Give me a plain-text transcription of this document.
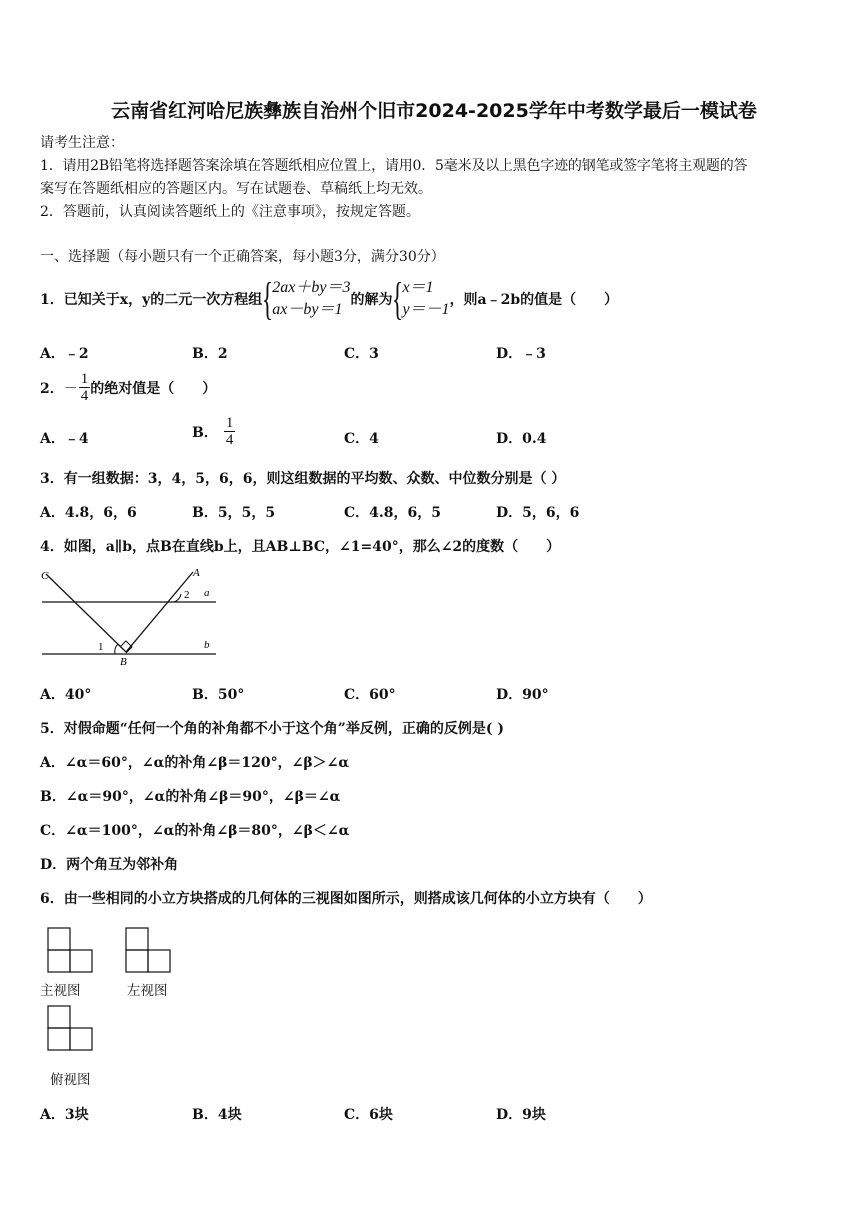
云南省红河哈尼族彝族自治州个旧市2024-2025学年中考数学最后一模试卷
请考生注意：
1．请用2B铅笔将选择题答案涂填在答题纸相应位置上，请用0．5毫米及以上黑色字迹的钢笔或签字笔将主观题的答
案写在答题纸相应的答题区内。写在试题卷、草稿纸上均无效。
2．答题前，认真阅读答题纸上的《注意事项》，按规定答题。
一、选择题（每小题只有一个正确答案，每小题3分，满分30分）
1．已知关于x，y的二元一次方程组 {
2ax＋by＝3
ax－by＝1
的解为 {
x＝1
y＝－1
，则a﹣2b的值是（　　）
A．﹣2	B．2	C．3	D．﹣3
2． － $\frac{1}{4}$ 的绝对值是（　　）
A．﹣4	B． $\frac{1}{4}$	C．4	D．0.4
3．有一组数据：3，4，5，6，6，则这组数据的平均数、众数、中位数分别是（ ）
A．4.8，6，6	B．5，5，5	C．4.8，6，5	D．5，6，6
4．如图，a∥b，点B在直线b上，且AB⊥BC，∠1=40°，那么∠2的度数（　　）
C	A
a
b
B
1
2
A．40°	B．50°	C．60°	D．90°
5．对假命题“任何一个角的补角都不小于这个角”举反例，正确的反例是( )
A．∠α＝60°，∠α的补角∠β＝120°，∠β＞∠α
B．∠α＝90°，∠α的补角∠β＝90°，∠β＝∠α
C．∠α＝100°，∠α的补角∠β＝80°，∠β＜∠α
D．两个角互为邻补角
6．由一些相同的小立方块搭成的几何体的三视图如图所示，则搭成该几何体的小立方块有（　　）
主视图	左视图
俯视图
A．3块	B．4块	C．6块	D．9块
